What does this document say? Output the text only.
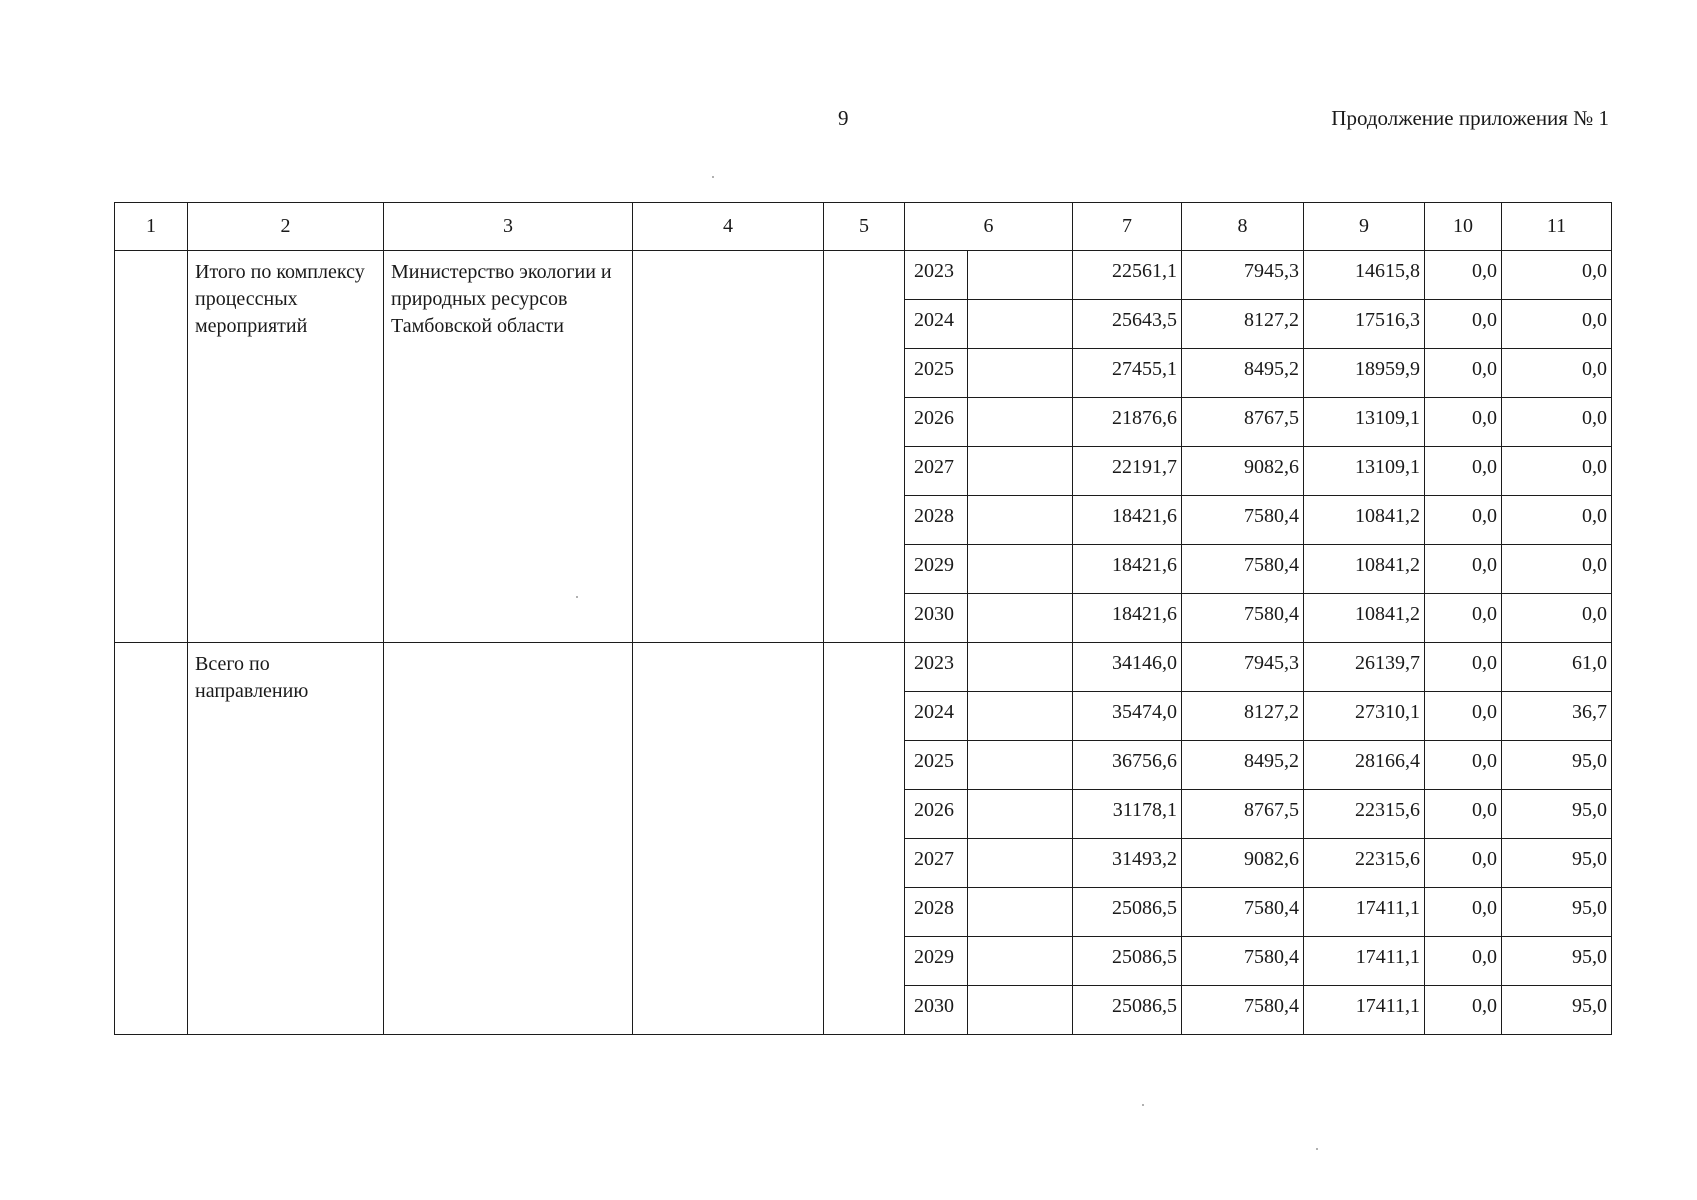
9	Продолжение приложения № 1
1	2	3	4	5	6		7	8	9	10	11
	Итого по комплексу процессных мероприятий	Министерство экологии и природных ресурсов Тамбовской области			2023		22561,1	7945,3	14615,8	0,0	0,0
					2024		25643,5	8127,2	17516,3	0,0	0,0
					2025		27455,1	8495,2	18959,9	0,0	0,0
					2026		21876,6	8767,5	13109,1	0,0	0,0
					2027		22191,7	9082,6	13109,1	0,0	0,0
					2028		18421,6	7580,4	10841,2	0,0	0,0
					2029		18421,6	7580,4	10841,2	0,0	0,0
					2030		18421,6	7580,4	10841,2	0,0	0,0
	Всего по направлению				2023		34146,0	7945,3	26139,7	0,0	61,0
					2024		35474,0	8127,2	27310,1	0,0	36,7
					2025		36756,6	8495,2	28166,4	0,0	95,0
					2026		31178,1	8767,5	22315,6	0,0	95,0
					2027		31493,2	9082,6	22315,6	0,0	95,0
					2028		25086,5	7580,4	17411,1	0,0	95,0
					2029		25086,5	7580,4	17411,1	0,0	95,0
					2030		25086,5	7580,4	17411,1	0,0	95,0
